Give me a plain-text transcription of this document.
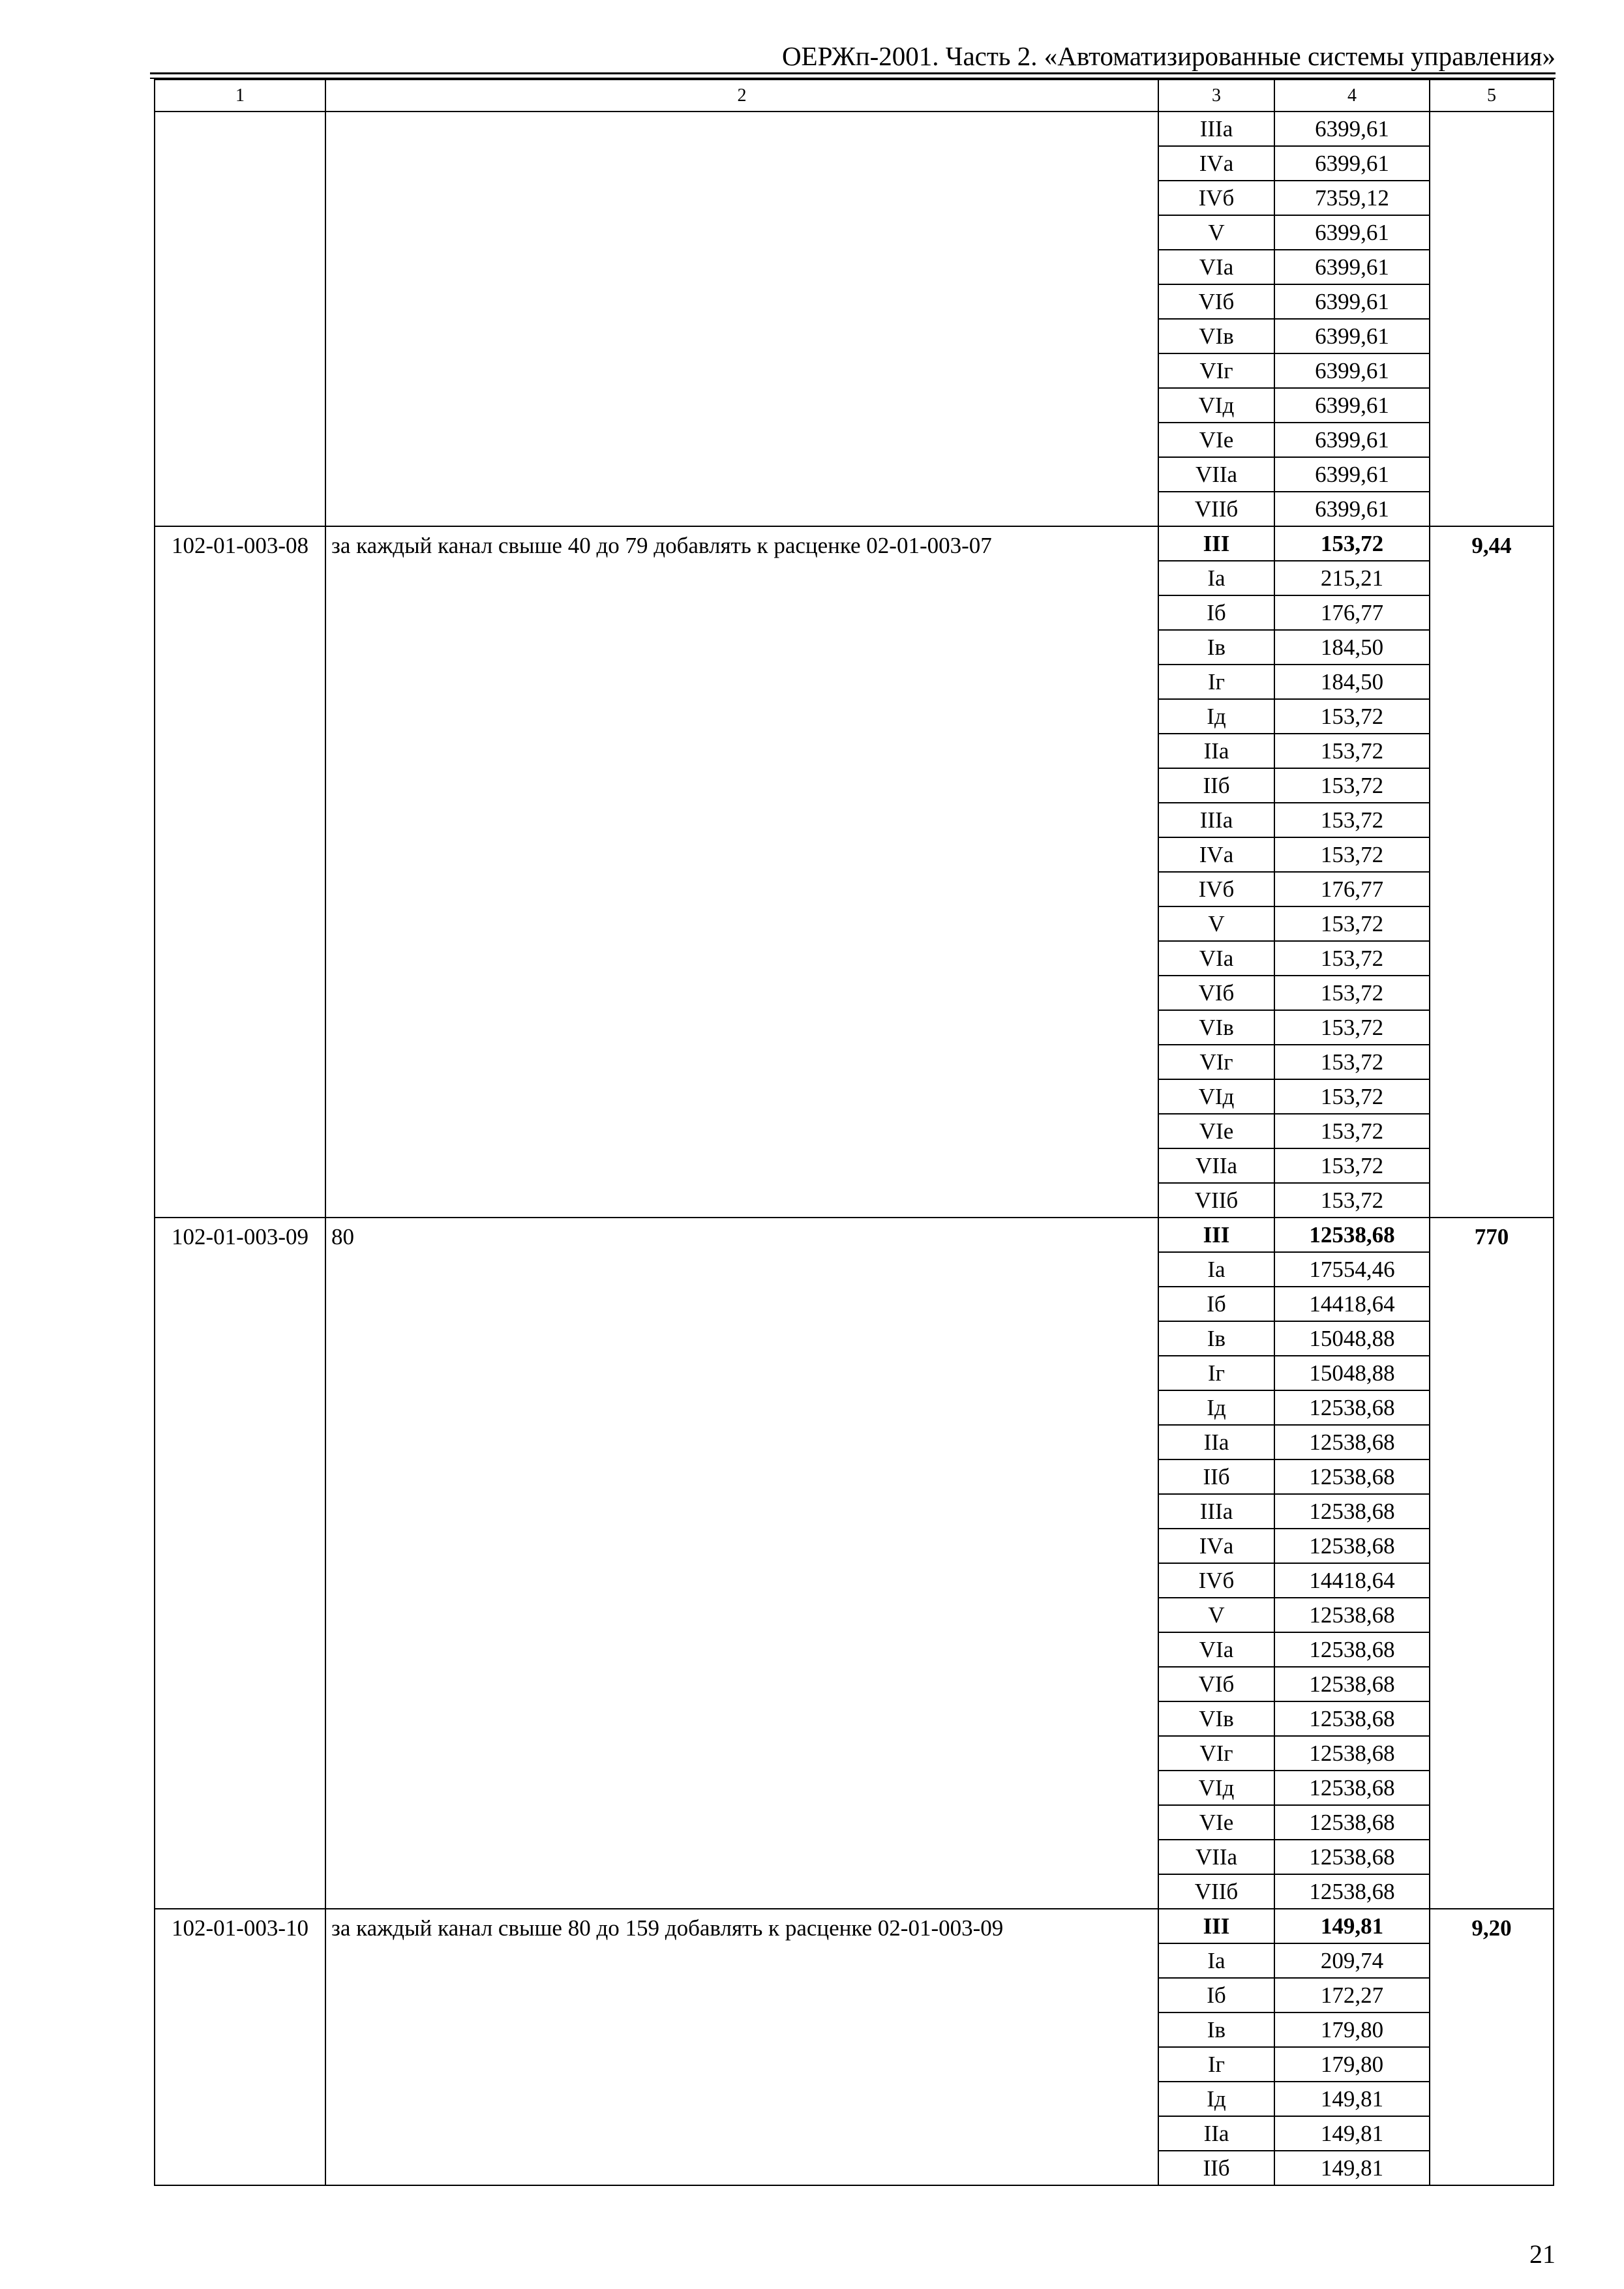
ОЕРЖп-2001. Часть 2. «Автоматизированные системы управления»
1	2	3	4	5
		IIIа	6399,61	
		IVа	6399,61	
		IVб	7359,12	
		V	6399,61	
		VIа	6399,61	
		VIб	6399,61	
		VIв	6399,61	
		VIг	6399,61	
		VIд	6399,61	
		VIе	6399,61	
		VIIа	6399,61	
		VIIб	6399,61	
102-01-003-08	за каждый канал свыше 40 до 79 добавлять к расценке 02-01-003-07	III	153,72	9,44
		Iа	215,21	
		Iб	176,77	
		Iв	184,50	
		Iг	184,50	
		Iд	153,72	
		IIа	153,72	
		IIб	153,72	
		IIIа	153,72	
		IVа	153,72	
		IVб	176,77	
		V	153,72	
		VIа	153,72	
		VIб	153,72	
		VIв	153,72	
		VIг	153,72	
		VIд	153,72	
		VIе	153,72	
		VIIа	153,72	
		VIIб	153,72	
102-01-003-09	80	III	12538,68	770
		Iа	17554,46	
		Iб	14418,64	
		Iв	15048,88	
		Iг	15048,88	
		Iд	12538,68	
		IIа	12538,68	
		IIб	12538,68	
		IIIа	12538,68	
		IVа	12538,68	
		IVб	14418,64	
		V	12538,68	
		VIа	12538,68	
		VIб	12538,68	
		VIв	12538,68	
		VIг	12538,68	
		VIд	12538,68	
		VIе	12538,68	
		VIIа	12538,68	
		VIIб	12538,68	
102-01-003-10	за каждый канал свыше 80 до 159 добавлять к расценке 02-01-003-09	III	149,81	9,20
		Iа	209,74	
		Iб	172,27	
		Iв	179,80	
		Iг	179,80	
		Iд	149,81	
		IIа	149,81	
		IIб	149,81	
21
